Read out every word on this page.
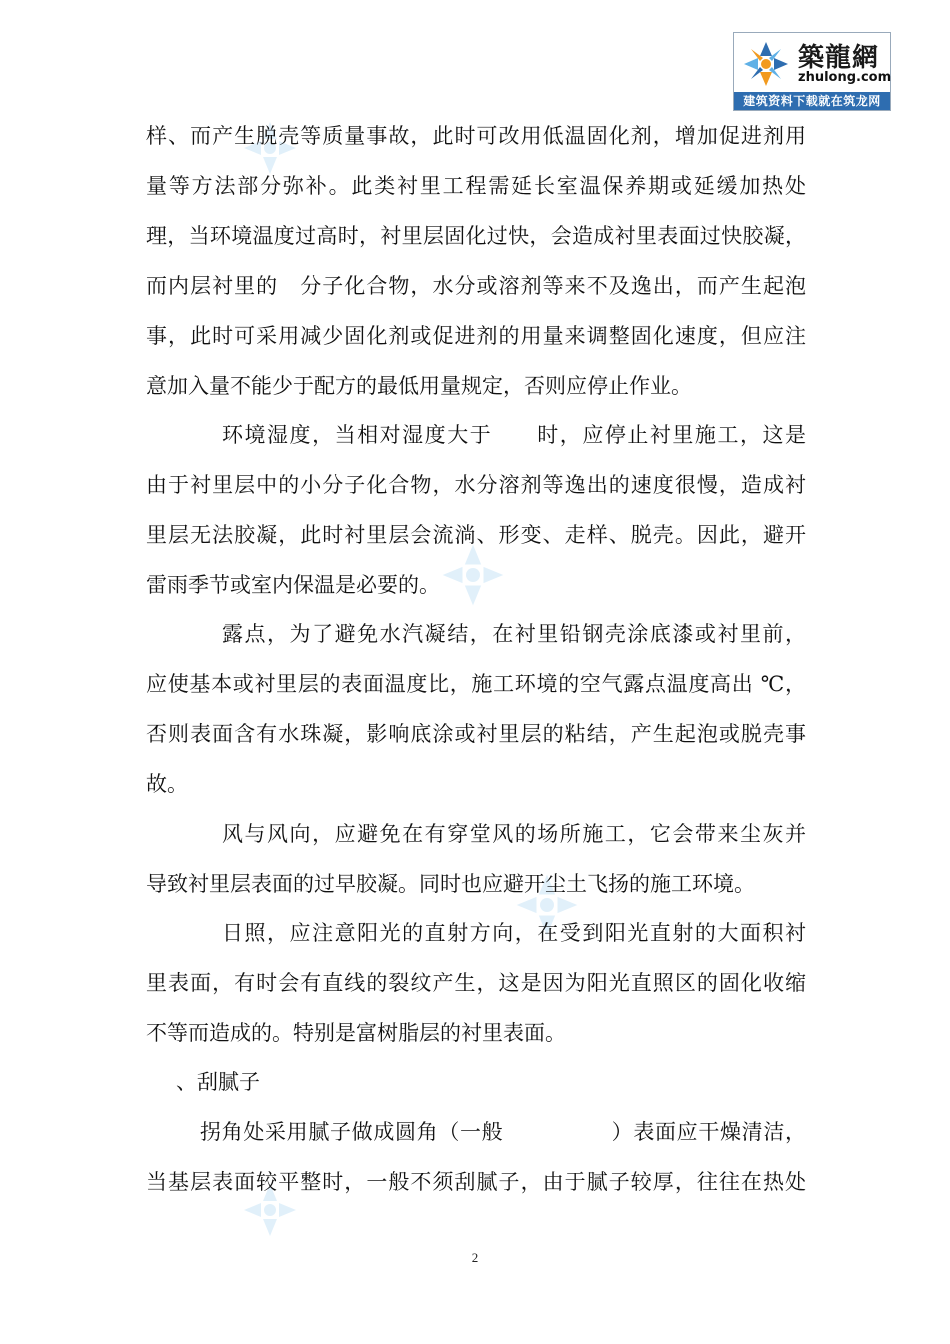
築龍網
zhulong.com
建筑资料下载就在筑龙网
样、而产生脱壳等质量事故，此时可改用低温固化剂，增加促进剂用
量等方法部分弥补。此类衬里工程需延长室温保养期或延缓加热处
理，当环境温度过高时，衬里层固化过快，会造成衬里表面过快胶凝，
而内层衬里的　分子化合物，水分或溶剂等来不及逸出，而产生起泡
事，此时可采用减少固化剂或促进剂的用量来调整固化速度，但应注
意加入量不能少于配方的最低用量规定，否则应停止作业。
环境湿度，当相对湿度大于　　时，应停止衬里施工，这是
由于衬里层中的小分子化合物，水分溶剂等逸出的速度很慢，造成衬
里层无法胶凝，此时衬里层会流淌、形变、走样、脱壳。因此，避开
雷雨季节或室内保温是必要的。
露点，为了避免水汽凝结，在衬里铅钢壳涂底漆或衬里前，
应使基本或衬里层的表面温度比，施工环境的空气露点温度高出 ℃，
否则表面含有水珠凝，影响底涂或衬里层的粘结，产生起泡或脱壳事
故。
风与风向，应避免在有穿堂风的场所施工，它会带来尘灰并
导致衬里层表面的过早胶凝。同时也应避开尘土飞扬的施工环境。
日照，应注意阳光的直射方向，在受到阳光直射的大面积衬
里表面，有时会有直线的裂纹产生，这是因为阳光直照区的固化收缩
不等而造成的。特别是富树脂层的衬里表面。
、刮腻子
拐角处采用腻子做成圆角（一般　　　　　）表面应干燥清洁，
当基层表面较平整时，一般不须刮腻子，由于腻子较厚，往往在热处
2
